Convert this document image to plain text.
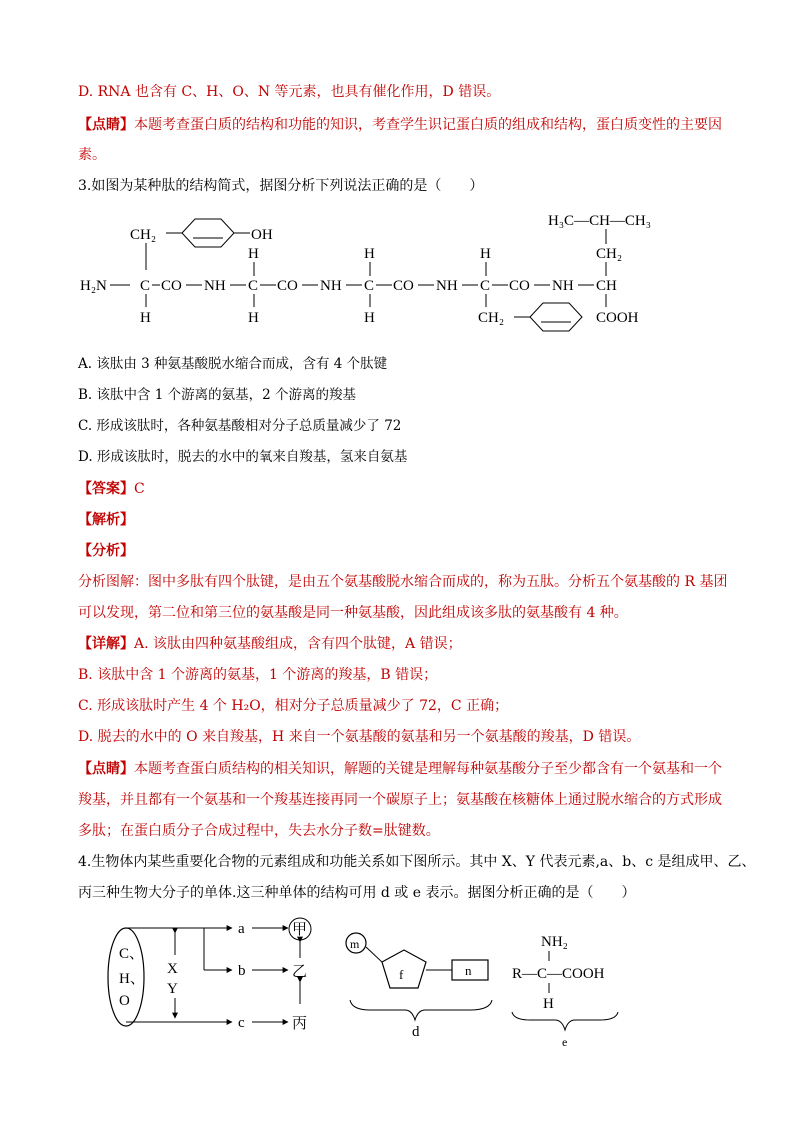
D. RNA 也含有 C、H、O、N 等元素，也具有催化作用，D 错误。
【点睛】本题考查蛋白质的结构和功能的知识，考查学生识记蛋白质的组成和结构，蛋白质变性的主要因
素。
3.如图为某种肽的结构简式，据图分析下列说法正确的是（　　）
CH₂	OH
H₃C—CH—CH₃
CH₂
H	H	H
H₂N C CO NH C CO NH C CO NH C CO NH CH
H	H	H	CH₂	COOH
A. 该肽由 3 种氨基酸脱水缩合而成，含有 4 个肽键
B. 该肽中含 1 个游离的氨基，2 个游离的羧基
C. 形成该肽时，各种氨基酸相对分子总质量减少了 72
D. 形成该肽时，脱去的水中的氧来自羧基，氢来自氨基
【答案】C
【解析】
【分析】
分析图解：图中多肽有四个肽键，是由五个氨基酸脱水缩合而成的，称为五肽。分析五个氨基酸的 R 基团
可以发现，第二位和第三位的氨基酸是同一种氨基酸，因此组成该多肽的氨基酸有 4 种。
【详解】A. 该肽由四种氨基酸组成，含有四个肽键，A 错误；
B. 该肽中含 1 个游离的氨基，1 个游离的羧基，B 错误；
C. 形成该肽时产生 4 个 H₂O，相对分子总质量减少了 72，C 正确；
D. 脱去的水中的 O 来自羧基，H 来自一个氨基酸的氨基和另一个氨基酸的羧基，D 错误。
【点睛】本题考查蛋白质结构的相关知识，解题的关键是理解每种氨基酸分子至少都含有一个氨基和一个
羧基，并且都有一个氨基和一个羧基连接再同一个碳原子上；氨基酸在核糖体上通过脱水缩合的方式形成
多肽；在蛋白质分子合成过程中，失去水分子数=肽键数。
4.生物体内某些重要化合物的元素组成和功能关系如下图所示。其中 X、Y 代表元素,a、b、c 是组成甲、乙、
丙三种生物大分子的单体.这三种单体的结构可用 d 或 e 表示。据图分析正确的是（　　）
C、
H、
O
X
Y
a
b
c
甲
乙
丙
m
f	n
d
NH₂
R—C—COOH
H
e
